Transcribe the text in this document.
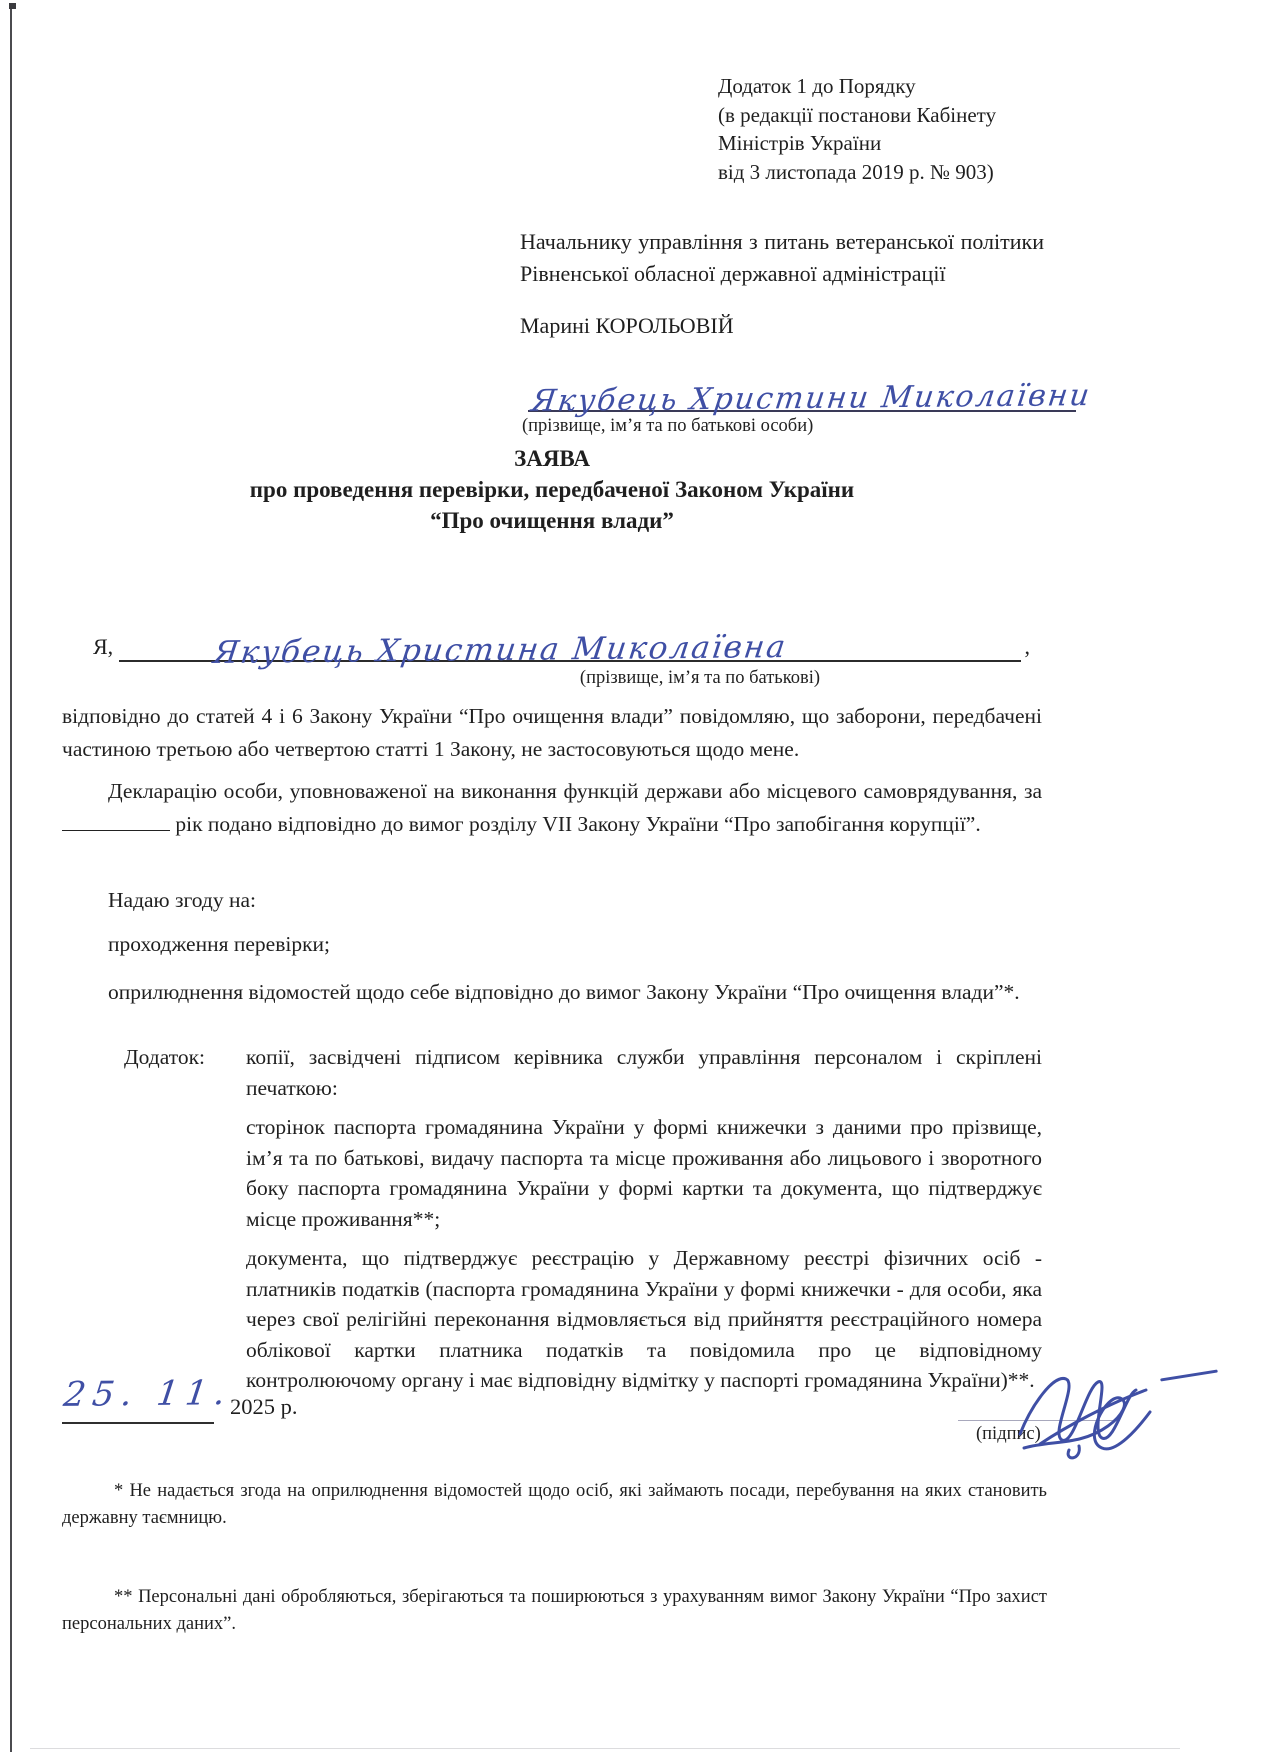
Додаток 1 до Порядку
(в редакції постанови Кабінету
Міністрів України
від 3 листопада 2019 р. № 903)
Начальнику управління з питань ветеранської політики Рівненської обласної державної адміністрації
Марині КОРОЛЬОВІЙ
Якубець Христини Миколаївни
(прізвище, ім’я та по батькові особи)
ЗАЯВА
про проведення перевірки, передбаченої Законом України
“Про очищення влади”
Я,	Якубець Христина Миколаївна	,
(прізвище, ім’я та по батькові)
відповідно до статей 4 і 6 Закону України “Про очищення влади” повідомляю, що заборони, передбачені частиною третьою або четвертою статті 1 Закону, не застосовуються щодо мене.
Декларацію особи, уповноваженої на виконання функцій держави або місцевого самоврядування, за  рік подано відповідно до вимог розділу VII Закону України “Про запобігання корупції”.
Надаю згоду на:
проходження перевірки;
оприлюднення відомостей щодо себе відповідно до вимог Закону України “Про очищення влади”*.
Додаток: копії, засвідчені підписом керівника служби управління персоналом і скріплені печаткою:
сторінок паспорта громадянина України у формі книжечки з даними про прізвище, ім’я та по батькові, видачу паспорта та місце проживання або лицьового і зворотного боку паспорта громадянина України у формі картки та документа, що підтверджує місце проживання**;
документа, що підтверджує реєстрацію у Державному реєстрі фізичних осіб - платників податків (паспорта громадянина України у формі книжечки - для особи, яка через свої релігійні переконання відмовляється від прийняття реєстраційного номера облікової картки платника податків та повідомила про це відповідному контролюючому органу і має відповідну відмітку у паспорті громадянина України)**.
25. 11.
2025 р.
(підпис)
* Не надається згода на оприлюднення відомостей щодо осіб, які займають посади, перебування на яких становить державну таємницю.
** Персональні дані обробляються, зберігаються та поширюються з урахуванням вимог Закону України “Про захист персональних даних”.
